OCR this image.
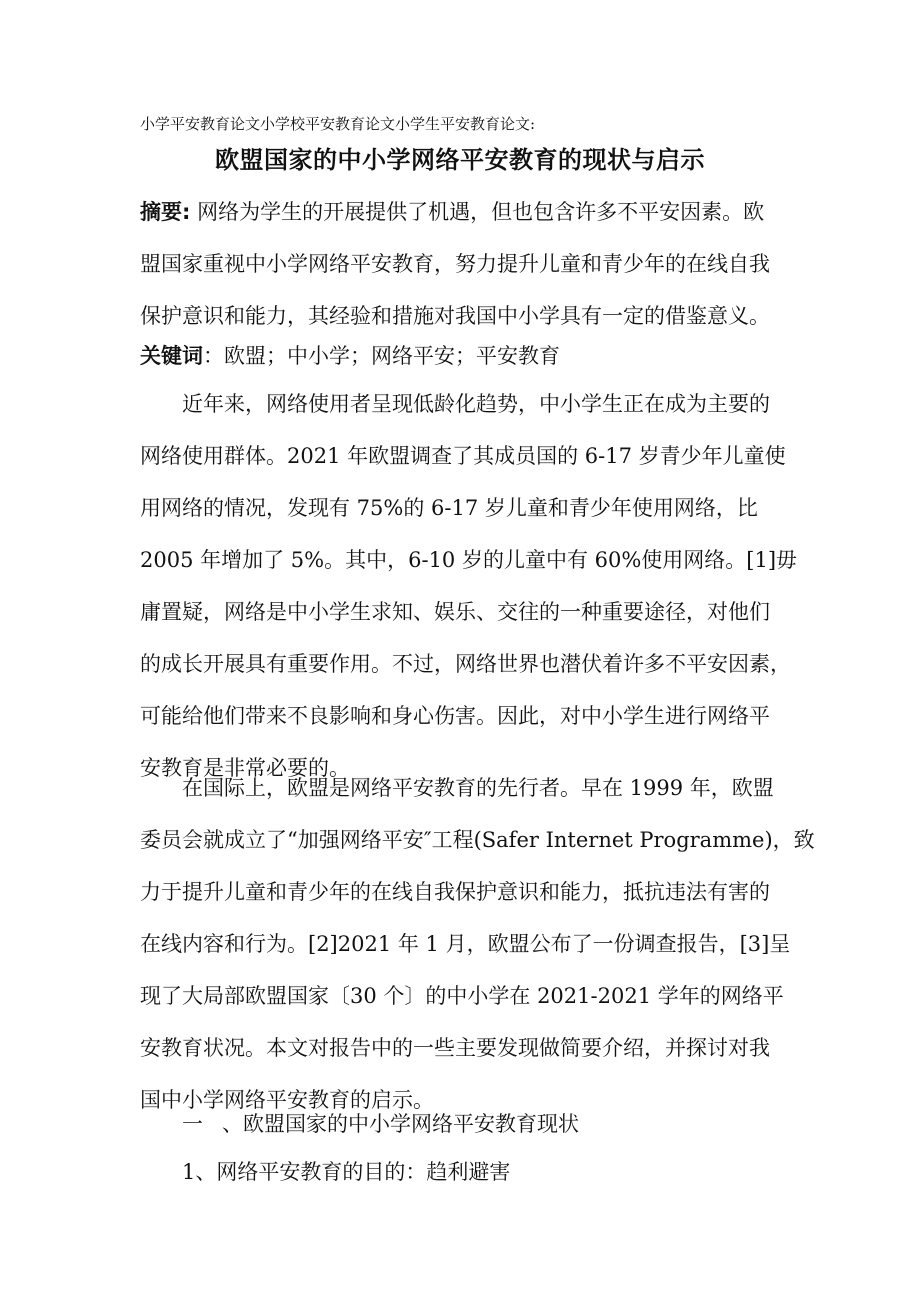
小学平安教育论文小学校平安教育论文小学生平安教育论文:
欧盟国家的中小学网络平安教育的现状与启示
摘要: 网络为学生的开展提供了机遇，但也包含许多不平安因素。欧
盟国家重视中小学网络平安教育，努力提升儿童和青少年的在线自我
保护意识和能力，其经验和措施对我国中小学具有一定的借鉴意义。
关键词：欧盟；中小学；网络平安；平安教育
近年来，网络使用者呈现低龄化趋势，中小学生正在成为主要的
网络使用群体。2021 年欧盟调查了其成员国的 6-17 岁青少年儿童使
用网络的情况，发现有 75%的 6-17 岁儿童和青少年使用网络，比
2005 年增加了 5%。其中，6-10 岁的儿童中有 60%使用网络。[1]毋
庸置疑，网络是中小学生求知、娱乐、交往的一种重要途径，对他们
的成长开展具有重要作用。不过，网络世界也潜伏着许多不平安因素，
可能给他们带来不良影响和身心伤害。因此，对中小学生进行网络平
安教育是非常必要的。
在国际上，欧盟是网络平安教育的先行者。早在 1999 年，欧盟
委员会就成立了“加强网络平安″工程(Safer Internet Programme)，致
力于提升儿童和青少年的在线自我保护意识和能力，抵抗违法有害的
在线内容和行为。[2]2021 年 1 月，欧盟公布了一份调查报告，[3]呈
现了大局部欧盟国家〔30 个〕的中小学在 2021-2021 学年的网络平
安教育状况。本文对报告中的一些主要发现做简要介绍，并探讨对我
国中小学网络平安教育的启示。
一 、欧盟国家的中小学网络平安教育现状
1、网络平安教育的目的：趋利避害
